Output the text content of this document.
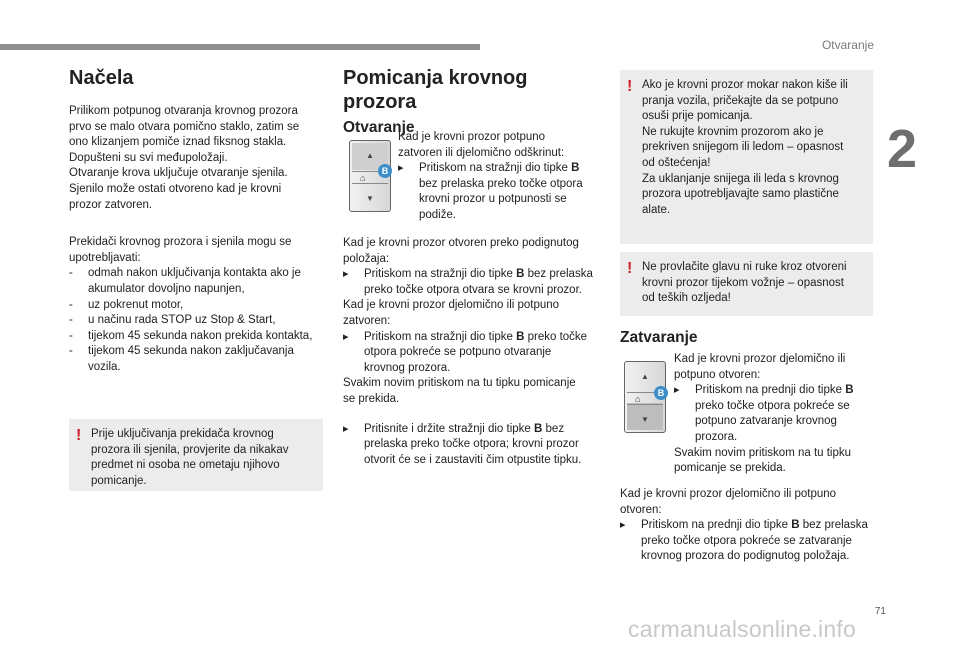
Otvaranje
2
71
Načela

Prilikom potpunog otvaranja krovnog prozora

prvo se malo otvara pomično staklo, zatim se

ono klizanjem pomiče iznad fiksnog stakla.

Dopušteni su svi međupoložaji.

Otvaranje krova uključuje otvaranje sjenila.

Sjenilo može ostati otvoreno kad je krovni

prozor zatvoren.

Prekidači krovnog prozora i sjenila mogu se

upotrebljavati:

- odmah nakon uključivanja kontakta ako je akumulator dovoljno napunjen,
- uz pokrenut motor,
- u načinu rada STOP uz Stop & Start,
- tijekom 45 sekunda nakon prekida kontakta,
- tijekom 45 sekunda nakon zaključavanja vozila.
! Prije uključivanja prekidača krovnog prozora ili sjenila, provjerite da nikakav predmet ni osoba ne ometaju njihovo pomicanje.
Pomicanja krovnog prozora
Otvaranje
▲
⌂
▼
B

Kad je krovni prozor potpuno

zatvoren ili djelomično odškrinut:

▸ Pritiskom na stražnji dio tipke B bez prelaska preko točke otpora krovni prozor u potpunosti se podiže.

Kad je krovni prozor otvoren preko podignutog

položaja:

▸ Pritiskom na stražnji dio tipke B bez prelaska preko točke otpora otvara se krovni prozor.

Kad je krovni prozor djelomično ili potpuno

zatvoren:

▸ Pritiskom na stražnji dio tipke B preko točke otpora pokreće se potpuno otvaranje krovnog prozora.

Svakim novim pritiskom na tu tipku pomicanje

se prekida.

▸ Pritisnite i držite stražnji dio tipke B bez prelaska preko točke otpora; krovni prozor otvorit će se i zaustaviti čim otpustite tipku.
! Ako je krovni prozor mokar nakon kiše ili

pranja vozila, pričekajte da se potpuno

osuši prije pomicanja.

Ne rukujte krovnim prozorom ako je

prekriven snijegom ili ledom – opasnost

od oštećenja!

Za uklanjanje snijega ili leda s krovnog

prozora upotrebljavajte samo plastične

alate.

! Ne provlačite glavu ni ruke kroz otvoreni

krovni prozor tijekom vožnje – opasnost

od teških ozljeda!

Zatvaranje
▲
⌂
▼
B

Kad je krovni prozor djelomično ili

potpuno otvoren:

▸ Pritiskom na prednji dio tipke B preko točke otpora pokreće se potpuno zatvaranje krovnog prozora.

Svakim novim pritiskom na tu tipku

pomicanje se prekida.

Kad je krovni prozor djelomično ili potpuno

otvoren:

▸ Pritiskom na prednji dio tipke B bez prelaska preko točke otpora pokreće se zatvaranje krovnog prozora do podignutog položaja.
carmanualsonline.info
